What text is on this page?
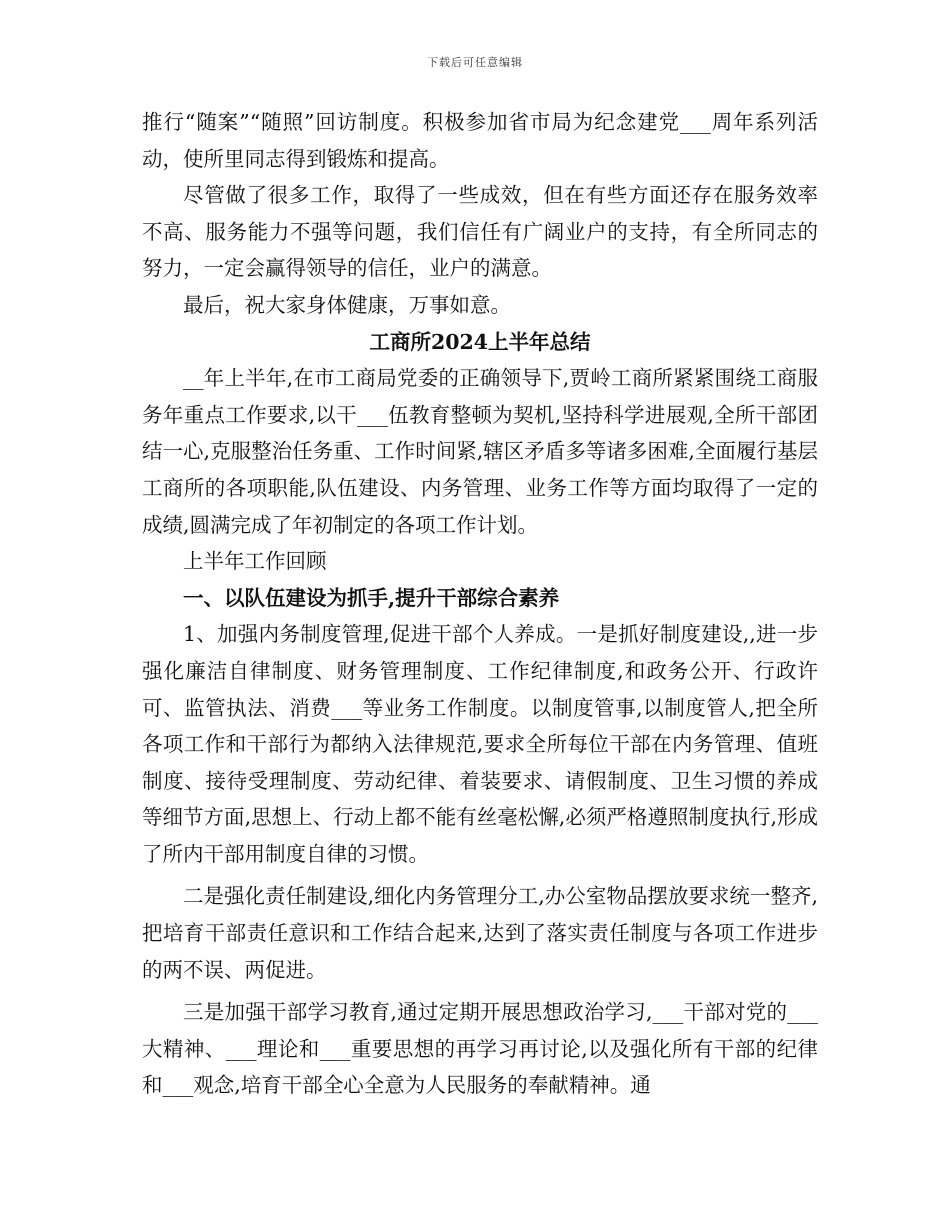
下载后可任意编辑

推行“随案”“随照”回访制度。积极参加省市局为纪念建党___周年系列活动，使所里同志得到锻炼和提高。

尽管做了很多工作，取得了一些成效，但在有些方面还存在服务效率不高、服务能力不强等问题，我们信任有广阔业户的支持，有全所同志的努力，一定会赢得领导的信任，业户的满意。

最后，祝大家身体健康，万事如意。

工商所2024上半年总结

__年上半年,在市工商局党委的正确领导下,贾岭工商所紧紧围绕工商服务年重点工作要求,以干___伍教育整顿为契机,坚持科学进展观,全所干部团结一心,克服整治任务重、工作时间紧,辖区矛盾多等诸多困难,全面履行基层工商所的各项职能,队伍建设、内务管理、业务工作等方面均取得了一定的成绩,圆满完成了年初制定的各项工作计划。

上半年工作回顾

一、以队伍建设为抓手,提升干部综合素养

1、加强内务制度管理,促进干部个人养成。一是抓好制度建设,,进一步强化廉洁自律制度、财务管理制度、工作纪律制度,和政务公开、行政许可、监管执法、消费___等业务工作制度。以制度管事,以制度管人,把全所各项工作和干部行为都纳入法律规范,要求全所每位干部在内务管理、值班制度、接待受理制度、劳动纪律、着装要求、请假制度、卫生习惯的养成等细节方面,思想上、行动上都不能有丝毫松懈,必须严格遵照制度执行,形成了所内干部用制度自律的习惯。

二是强化责任制建设,细化内务管理分工,办公室物品摆放要求统一整齐,把培育干部责任意识和工作结合起来,达到了落实责任制度与各项工作进步的两不误、两促进。

三是加强干部学习教育,通过定期开展思想政治学习,___干部对党的___大精神、___理论和___重要思想的再学习再讨论,以及强化所有干部的纪律和___观念,培育干部全心全意为人民服务的奉献精神。通
